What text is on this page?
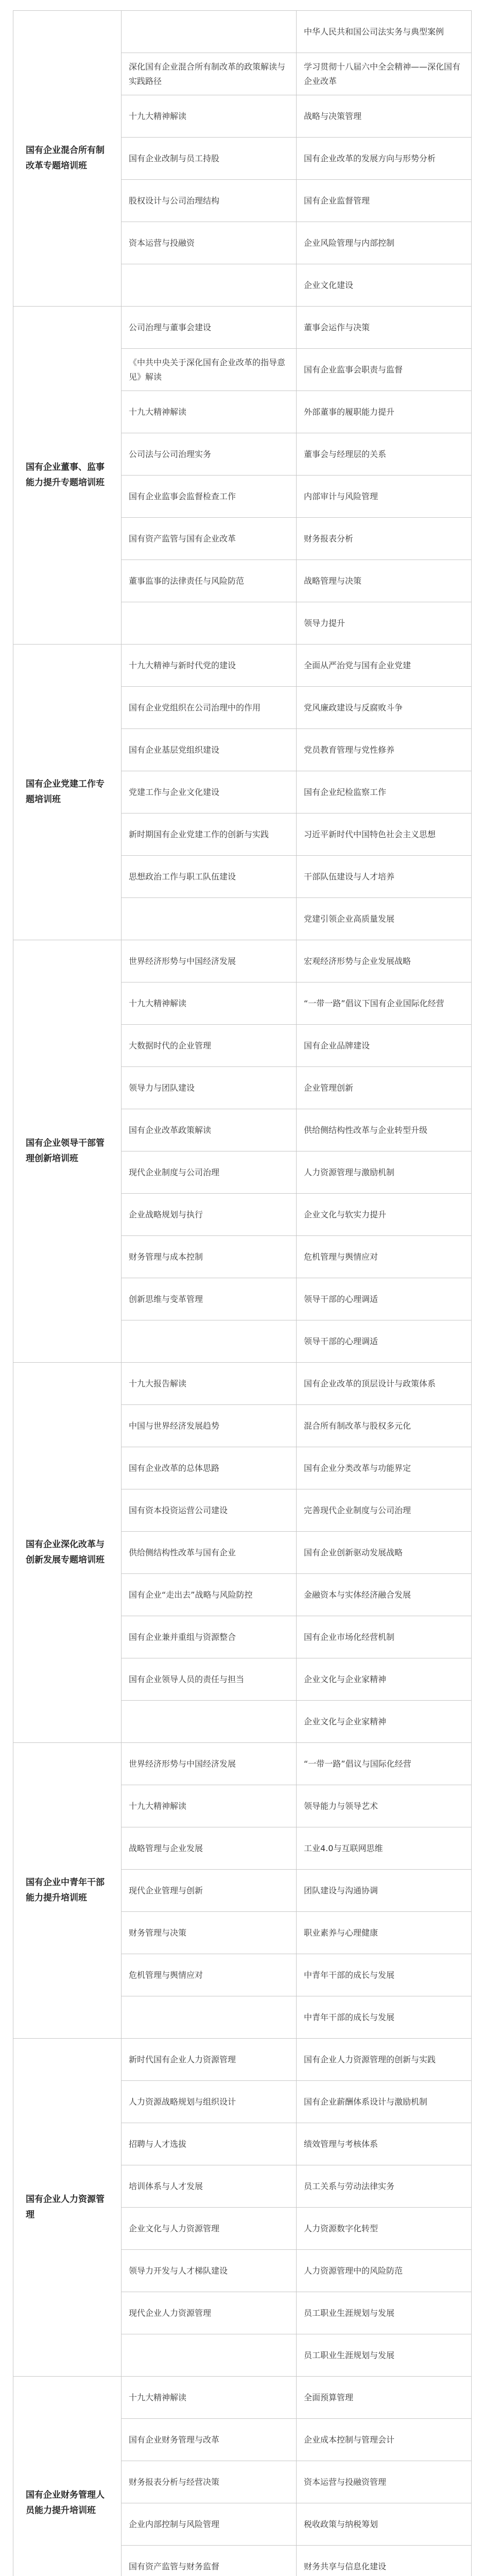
国有企业混合所有制改革专题培训班		中华人民共和国公司法实务与典型案例
	深化国有企业混合所有制改革的政策解读与实践路径	学习贯彻十八届六中全会精神——深化国有企业改革
	十九大精神解读	战略与决策管理
	国有企业改制与员工持股	国有企业改革的发展方向与形势分析
	股权设计与公司治理结构	国有企业监督管理
	资本运营与投融资	企业风险管理与内部控制
		企业文化建设
国有企业董事、监事能力提升专题培训班	公司治理与董事会建设	董事会运作与决策
	《中共中央关于深化国有企业改革的指导意见》解读	国有企业监事会职责与监督
	十九大精神解读	外部董事的履职能力提升
	公司法与公司治理实务	董事会与经理层的关系
	国有企业监事会监督检查工作	内部审计与风险管理
	国有资产监管与国有企业改革	财务报表分析
	董事监事的法律责任与风险防范	战略管理与决策
		领导力提升
国有企业党建工作专题培训班	十九大精神与新时代党的建设	全面从严治党与国有企业党建
	国有企业党组织在公司治理中的作用	党风廉政建设与反腐败斗争
	国有企业基层党组织建设	党员教育管理与党性修养
	党建工作与企业文化建设	国有企业纪检监察工作
	新时期国有企业党建工作的创新与实践	习近平新时代中国特色社会主义思想
	思想政治工作与职工队伍建设	干部队伍建设与人才培养
		党建引领企业高质量发展
国有企业领导干部管理创新培训班	世界经济形势与中国经济发展	宏观经济形势与企业发展战略
	十九大精神解读	“一带一路”倡议下国有企业国际化经营
	大数据时代的企业管理	国有企业品牌建设
	领导力与团队建设	企业管理创新
	国有企业改革政策解读	供给侧结构性改革与企业转型升级
	现代企业制度与公司治理	人力资源管理与激励机制
	企业战略规划与执行	企业文化与软实力提升
	财务管理与成本控制	危机管理与舆情应对
	创新思维与变革管理	领导干部的心理调适
		领导干部的心理调适
国有企业深化改革与创新发展专题培训班	十九大报告解读	国有企业改革的顶层设计与政策体系
	中国与世界经济发展趋势	混合所有制改革与股权多元化
	国有企业改革的总体思路	国有企业分类改革与功能界定
	国有资本投资运营公司建设	完善现代企业制度与公司治理
	供给侧结构性改革与国有企业	国有企业创新驱动发展战略
	国有企业“走出去”战略与风险防控	金融资本与实体经济融合发展
	国有企业兼并重组与资源整合	国有企业市场化经营机制
	国有企业领导人员的责任与担当	企业文化与企业家精神
		企业文化与企业家精神
国有企业中青年干部能力提升培训班	世界经济形势与中国经济发展	“一带一路”倡议与国际化经营
	十九大精神解读	领导能力与领导艺术
	战略管理与企业发展	工业4.0与互联网思维
	现代企业管理与创新	团队建设与沟通协调
	财务管理与决策	职业素养与心理健康
	危机管理与舆情应对	中青年干部的成长与发展
		中青年干部的成长与发展
国有企业人力资源管理	新时代国有企业人力资源管理	国有企业人力资源管理的创新与实践
	人力资源战略规划与组织设计	国有企业薪酬体系设计与激励机制
	招聘与人才选拔	绩效管理与考核体系
	培训体系与人才发展	员工关系与劳动法律实务
	企业文化与人力资源管理	人力资源数字化转型
	领导力开发与人才梯队建设	人力资源管理中的风险防范
	现代企业人力资源管理	员工职业生涯规划与发展
		员工职业生涯规划与发展
国有企业财务管理人员能力提升培训班	十九大精神解读	全面预算管理
	国有企业财务管理与改革	企业成本控制与管理会计
	财务报表分析与经营决策	资本运营与投融资管理
	企业内部控制与风险管理	税收政策与纳税筹划
	国有资产监管与财务监督	财务共享与信息化建设
